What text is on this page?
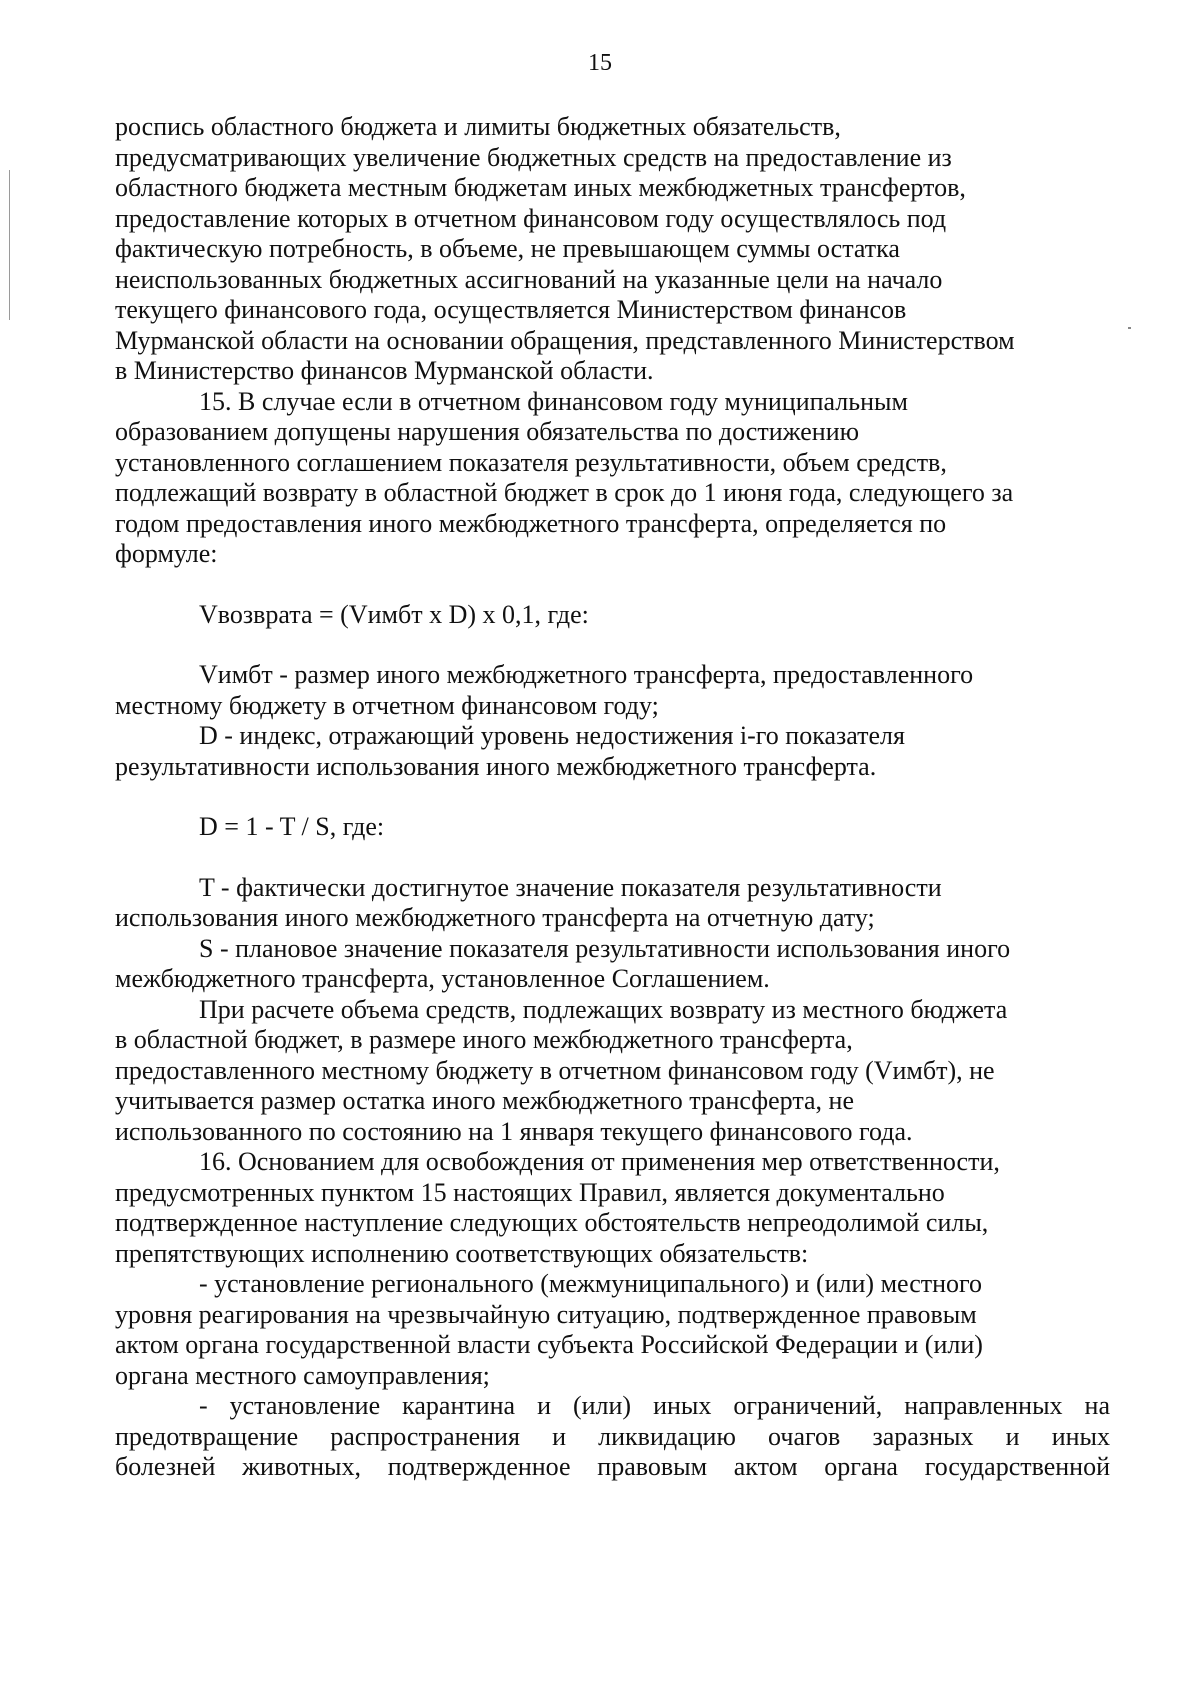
15
роспись областного бюджета и лимиты бюджетных обязательств,
предусматривающих увеличение бюджетных средств на предоставление из
областного бюджета местным бюджетам иных межбюджетных трансфертов,
предоставление которых в отчетном финансовом году осуществлялось под
фактическую потребность, в объеме, не превышающем суммы остатка
неиспользованных бюджетных ассигнований на указанные цели на начало
текущего финансового года, осуществляется Министерством финансов
Мурманской области на основании обращения, представленного Министерством
в Министерство финансов Мурманской области.
15. В случае если в отчетном финансовом году муниципальным
образованием допущены нарушения обязательства по достижению
установленного соглашением показателя результативности, объем средств,
подлежащий возврату в областной бюджет в срок до 1 июня года, следующего за
годом предоставления иного межбюджетного трансферта, определяется по
формуле:
Vвозврата = (Vимбт x D) x 0,1, где:
Vимбт - размер иного межбюджетного трансферта, предоставленного
местному бюджету в отчетном финансовом году;
D - индекс, отражающий уровень недостижения i-го показателя
результативности использования иного межбюджетного трансферта.
D = 1 - T / S, где:
T - фактически достигнутое значение показателя результативности
использования иного межбюджетного трансферта на отчетную дату;
S - плановое значение показателя результативности использования иного
межбюджетного трансферта, установленное Соглашением.
При расчете объема средств, подлежащих возврату из местного бюджета
в областной бюджет, в размере иного межбюджетного трансферта,
предоставленного местному бюджету в отчетном финансовом году (Vимбт), не
учитывается размер остатка иного межбюджетного трансферта, не
использованного по состоянию на 1 января текущего финансового года.
16. Основанием для освобождения от применения мер ответственности,
предусмотренных пунктом 15 настоящих Правил, является документально
подтвержденное наступление следующих обстоятельств непреодолимой силы,
препятствующих исполнению соответствующих обязательств:
- установление регионального (межмуниципального) и (или) местного
уровня реагирования на чрезвычайную ситуацию, подтвержденное правовым
актом органа государственной власти субъекта Российской Федерации и (или)
органа местного самоуправления;
- установление карантина и (или) иных ограничений, направленных на
предотвращение распространения и ликвидацию очагов заразных и иных
болезней животных, подтвержденное правовым актом органа государственной
